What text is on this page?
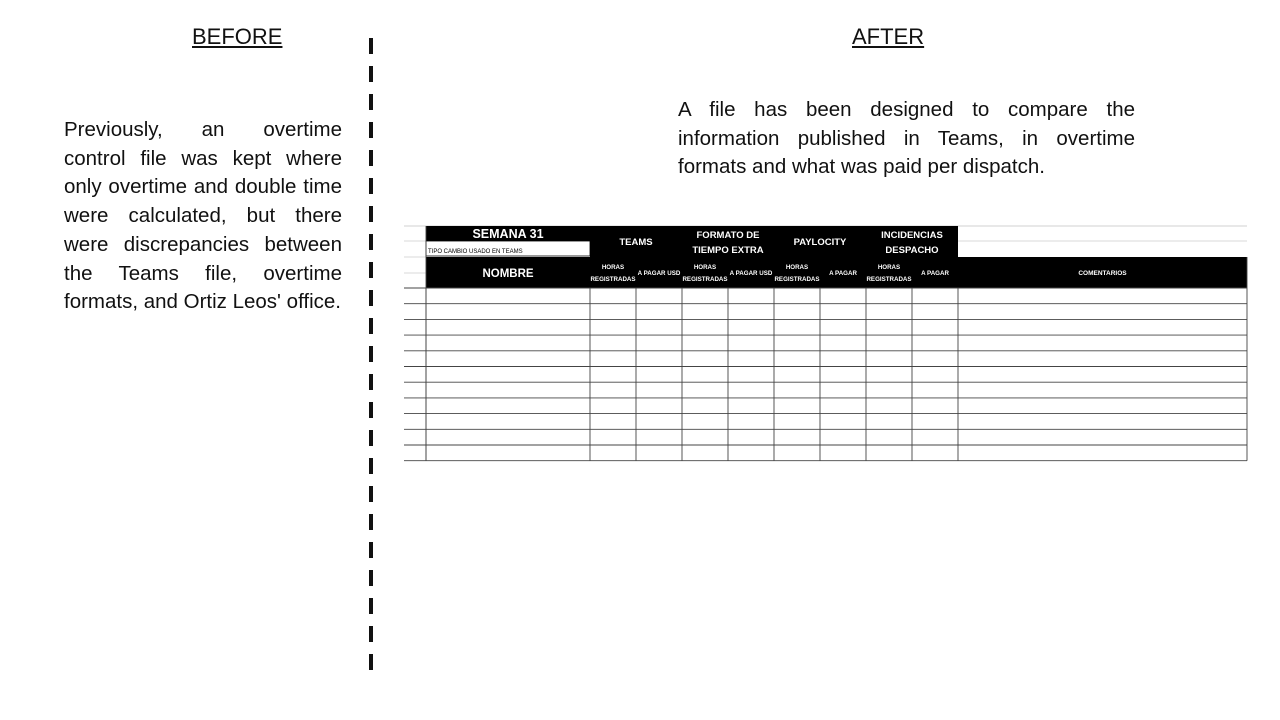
BEFORE	AFTER
Previously, an overtime control file was kept where only overtime and double time were calculated, but there were discrepancies between the Teams file, overtime formats, and Ortiz Leos' office.
A file has been designed to compare the information published in Teams, in overtime formats and what was paid per dispatch.
SEMANA 31
TIPO CAMBIO USADO EN TEAMS
TEAMS
FORMATO DE
TIEMPO EXTRA
PAYLOCITY
INCIDENCIAS
DESPACHO
NOMBRE
HORAS
REGISTRADAS
A PAGAR USD
HORAS
REGISTRADAS
A PAGAR USD
HORAS
REGISTRADAS
A PAGAR
HORAS
REGISTRADAS
A PAGAR	COMENTARIOS
